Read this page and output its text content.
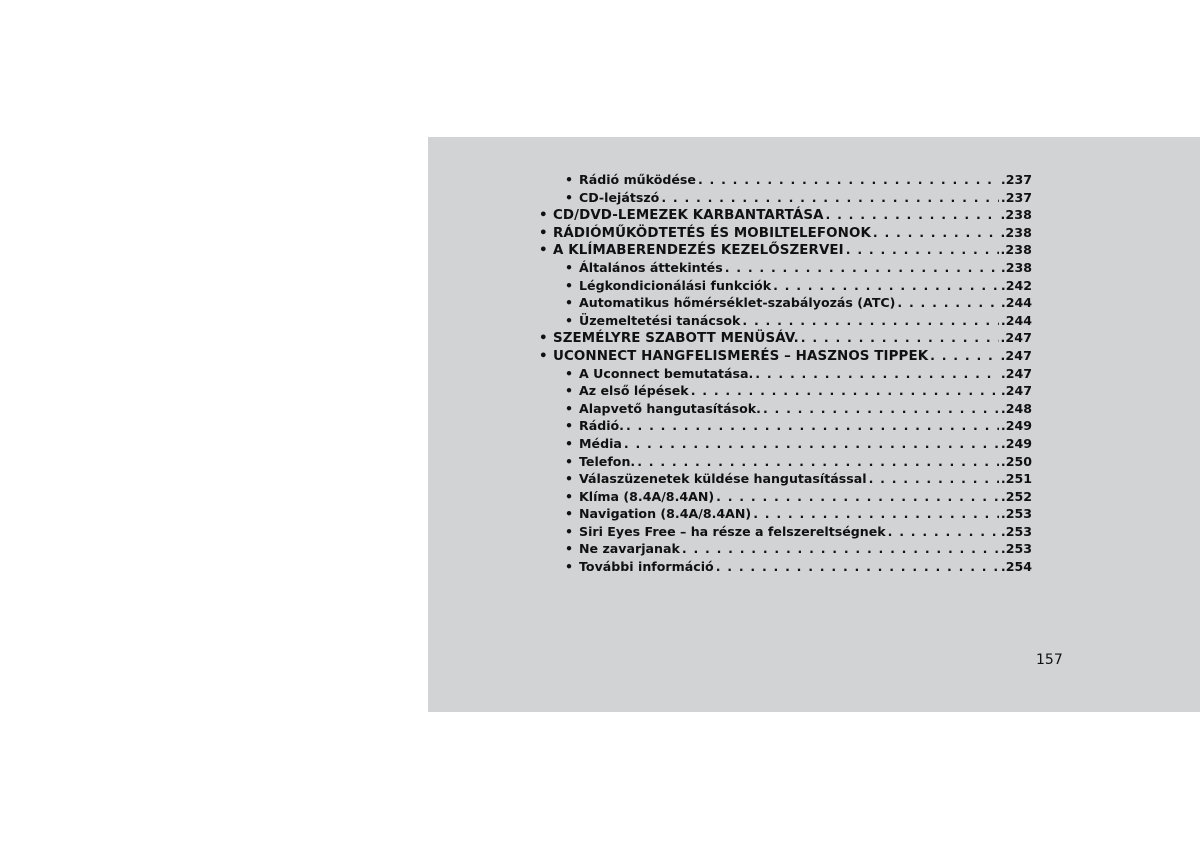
• Rádió működése . . .	.237
• CD-lejátszó . . .	.237
• CD/DVD-LEMEZEK KARBANTARTÁSA . . .	.238
• RÁDIÓMŰKÖDTETÉS ÉS MOBILTELEFONOK . . .	.238
• A KLÍMABERENDEZÉS KEZELŐSZERVEI . . .	.238
• Általános áttekintés . . .	.238
• Légkondicionálási funkciók . . .	.242
• Automatikus hőmérséklet-szabályozás (ATC) . . .	.244
• Üzemeltetési tanácsok . . .	.244
• SZEMÉLYRE SZABOTT MENÜSÁV. . . .	.247
• UCONNECT HANGFELISMERÉS – HASZNOS TIPPEK . . .	.247
• A Uconnect bemutatása. . . .	.247
• Az első lépések . . .	.247
• Alapvető hangutasítások. . . .	.248
• Rádió. . . .	.249
• Média . . .	.249
• Telefon. . . .	.250
• Válaszüzenetek küldése hangutasítással . . .	.251
• Klíma (8.4A/8.4AN) . . .	.252
• Navigation (8.4A/8.4AN) . . .	.253
• Siri Eyes Free – ha része a felszereltségnek . . .	.253
• Ne zavarjanak . . .	.253
• További információ . . .	.254
157
